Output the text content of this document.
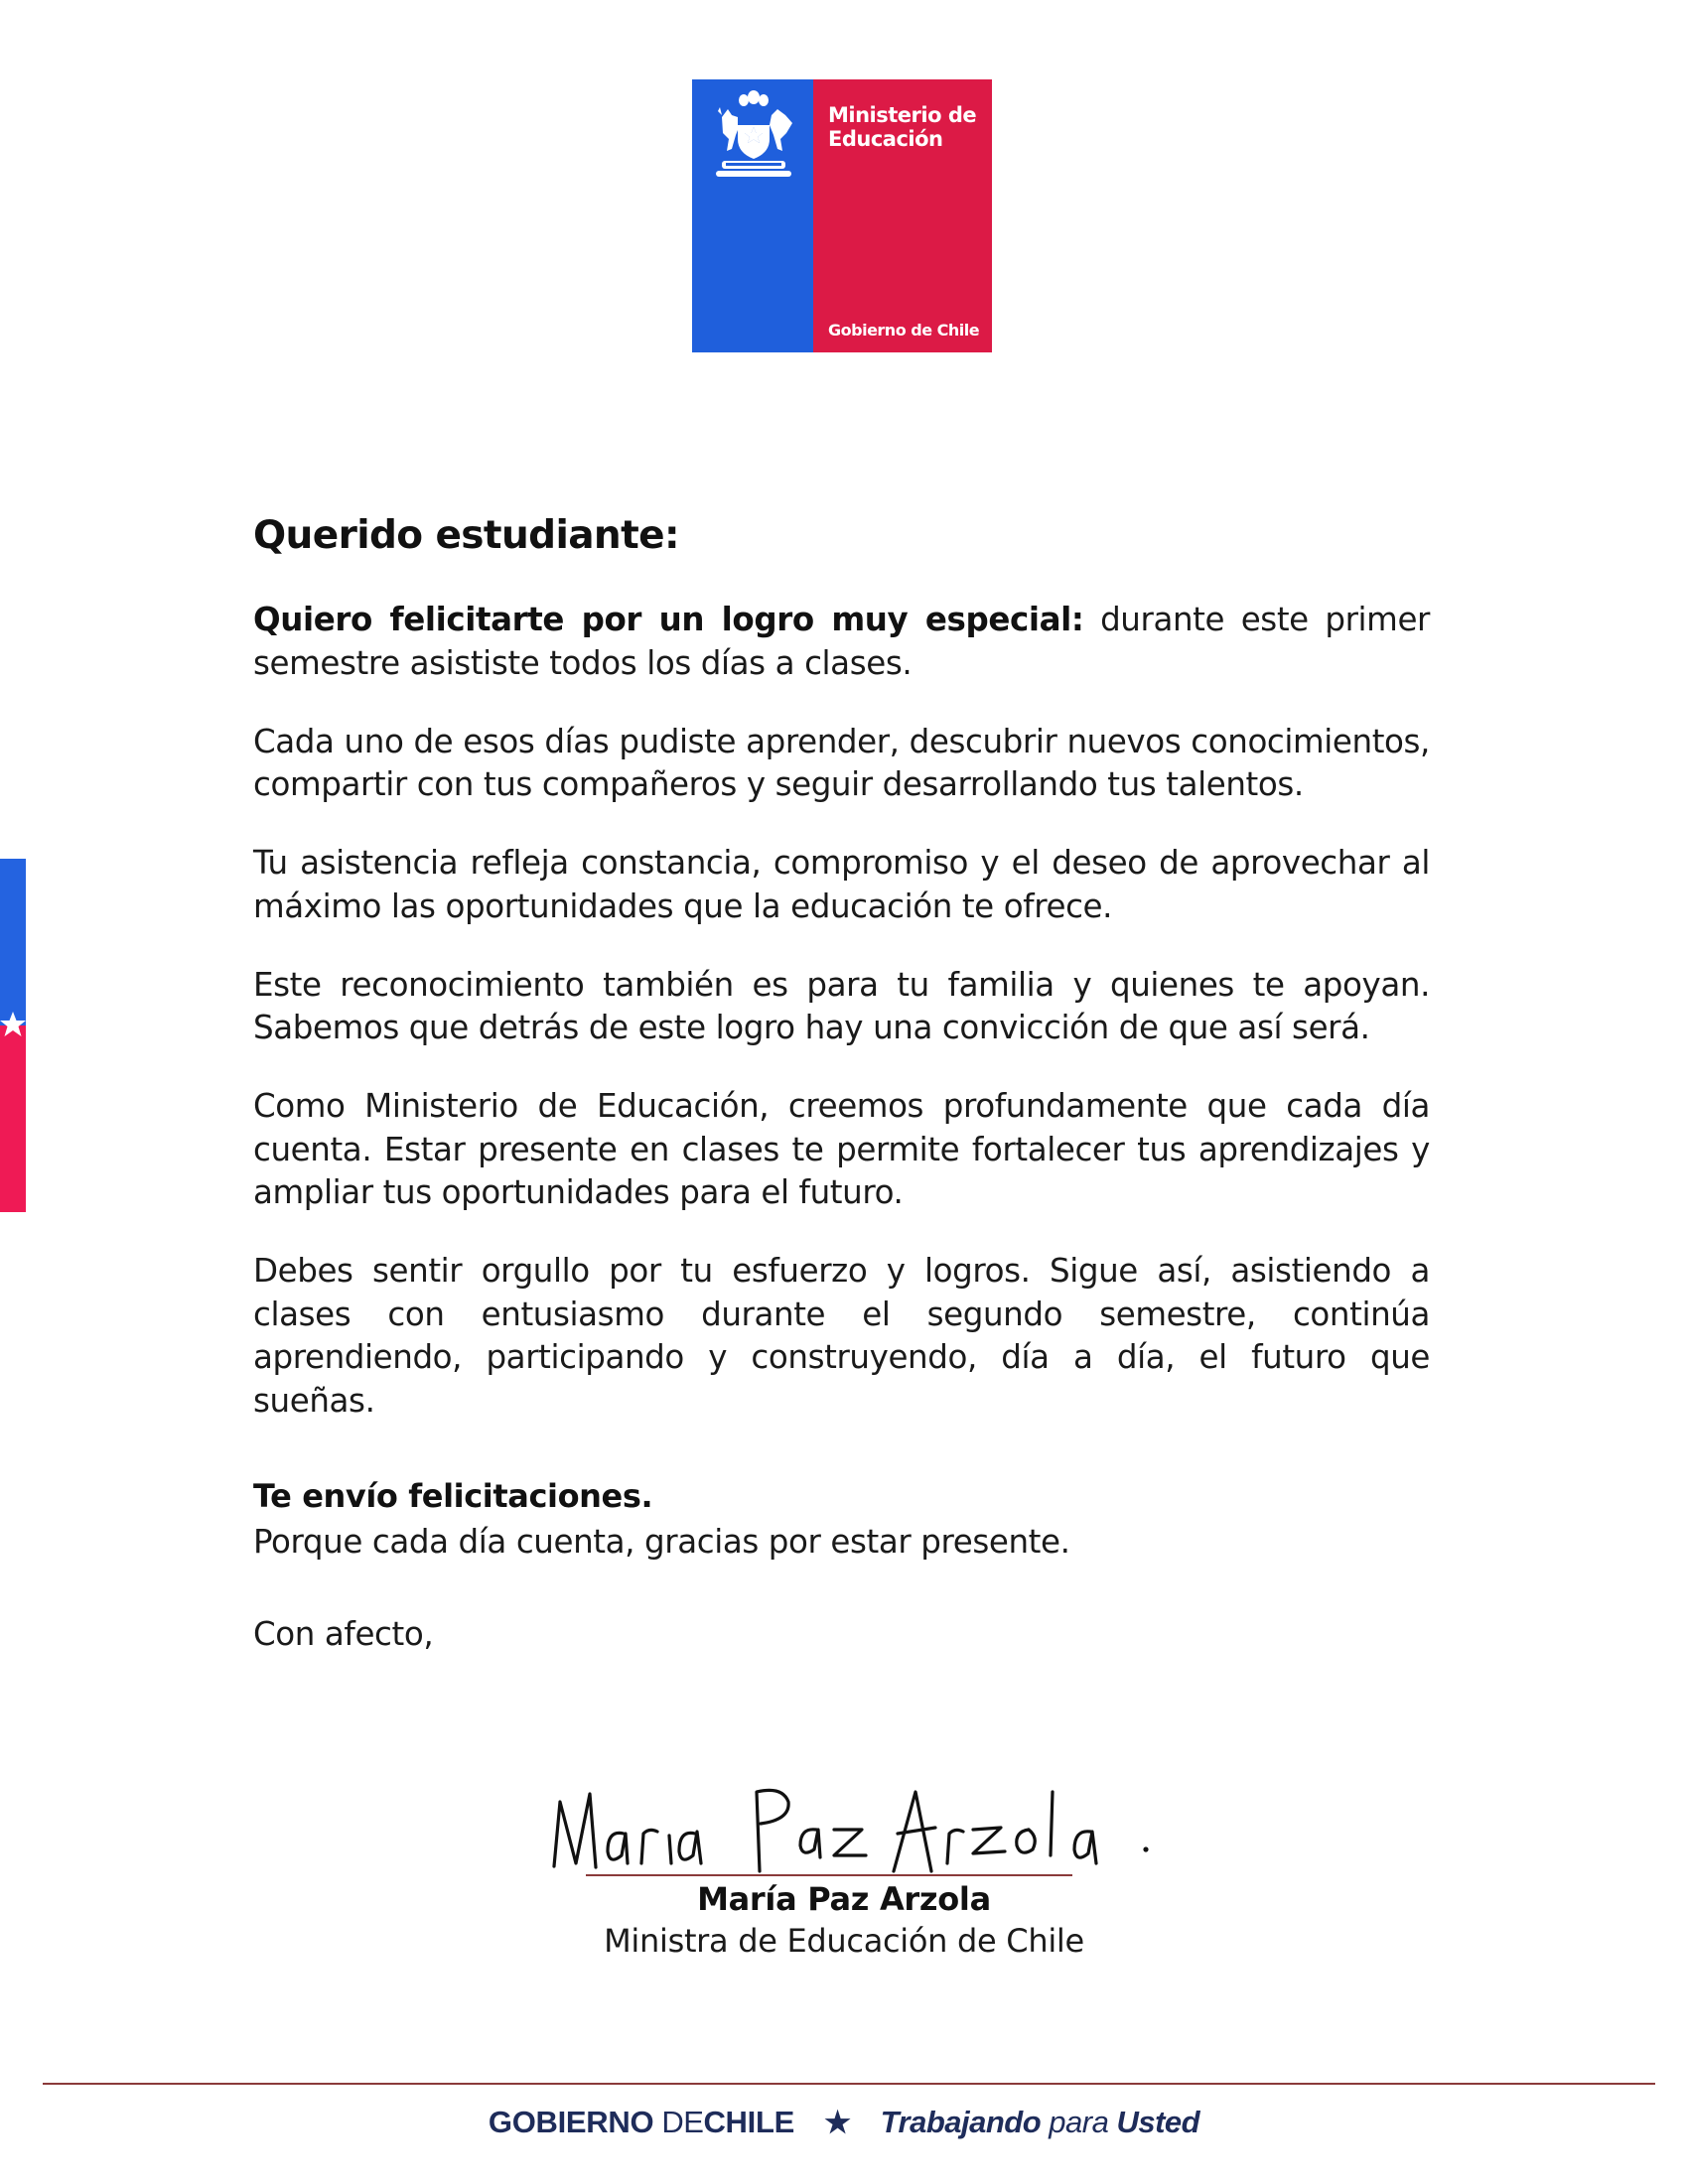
Ministerio de
Educación
Gobierno de Chile
Querido estudiante:

Quiero felicitarte por un logro muy especial: durante este primer semestre asististe todos los días a clases.

Cada uno de esos días pudiste aprender, descubrir nuevos conocimientos, compartir con tus compañeros y seguir desarrollando tus talentos.

Tu asistencia refleja constancia, compromiso y el deseo de aprovechar al máximo las oportunidades que la educación te ofrece.

Este reconocimiento también es para tu familia y quienes te apoyan. Sabemos que detrás de este logro hay una convicción de que así será.

Como Ministerio de Educación, creemos profundamente que cada día cuenta. Estar presente en clases te permite fortalecer tus aprendizajes y ampliar tus oportunidades para el futuro.

Debes sentir orgullo por tu esfuerzo y logros. Sigue así, asistiendo a clases con entusiasmo durante el segundo semestre, continúa aprendiendo, participando y construyendo, día a día, el futuro que sueñas.

Te envío felicitaciones.
Porque cada día cuenta, gracias por estar presente.
Con afecto,
María Paz Arzola
Ministra de Educación de Chile
GOBIERNO DECHILE ★ Trabajando para Usted
